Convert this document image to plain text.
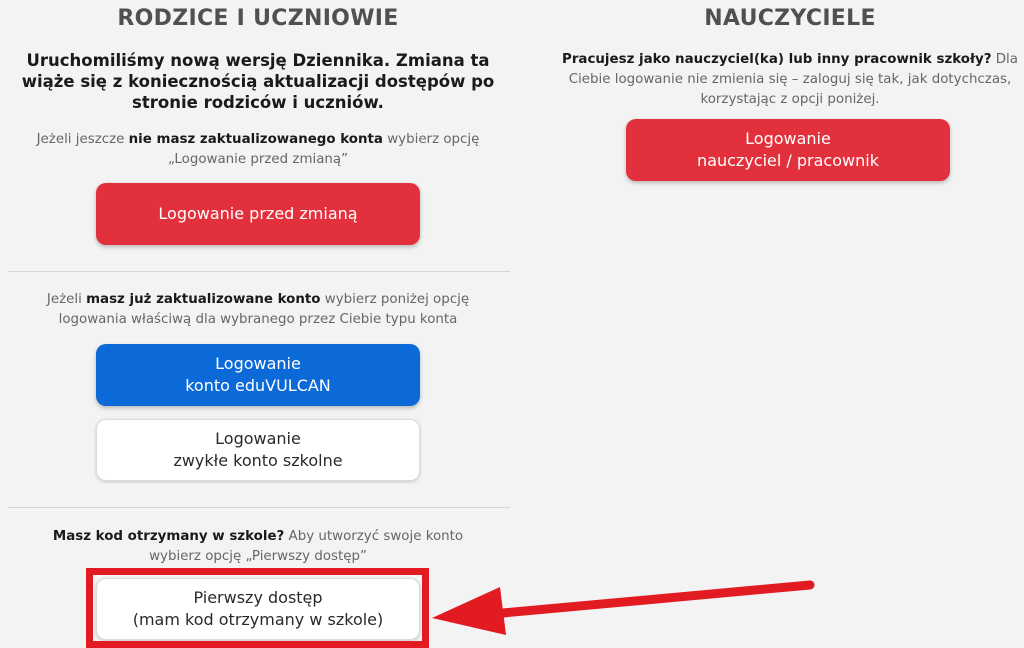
RODZICE I UCZNIOWIE

Uruchomiliśmy nową wersję Dziennika. Zmiana ta wiąże się z koniecznością aktualizacji dostępów po stronie rodziców i uczniów.

Jeżeli jeszcze nie masz zaktualizowanego konta wybierz opcję „Logowanie przed zmianą”

Logowanie przed zmianą

Jeżeli masz już zaktualizowane konto wybierz poniżej opcję logowania właściwą dla wybranego przez Ciebie typu konta

Logowanie
konto eduVULCAN
Logowanie
zwykłe konto szkolne

Masz kod otrzymany w szkole? Aby utworzyć swoje konto wybierz opcję „Pierwszy dostęp”

Pierwszy dostęp
(mam kod otrzymany w szkole)
NAUCZYCIELE

Pracujesz jako nauczyciel(ka) lub inny pracownik szkoły? Dla Ciebie logowanie nie zmienia się – zaloguj się tak, jak dotychczas, korzystając z opcji poniżej.

Logowanie
nauczyciel / pracownik
